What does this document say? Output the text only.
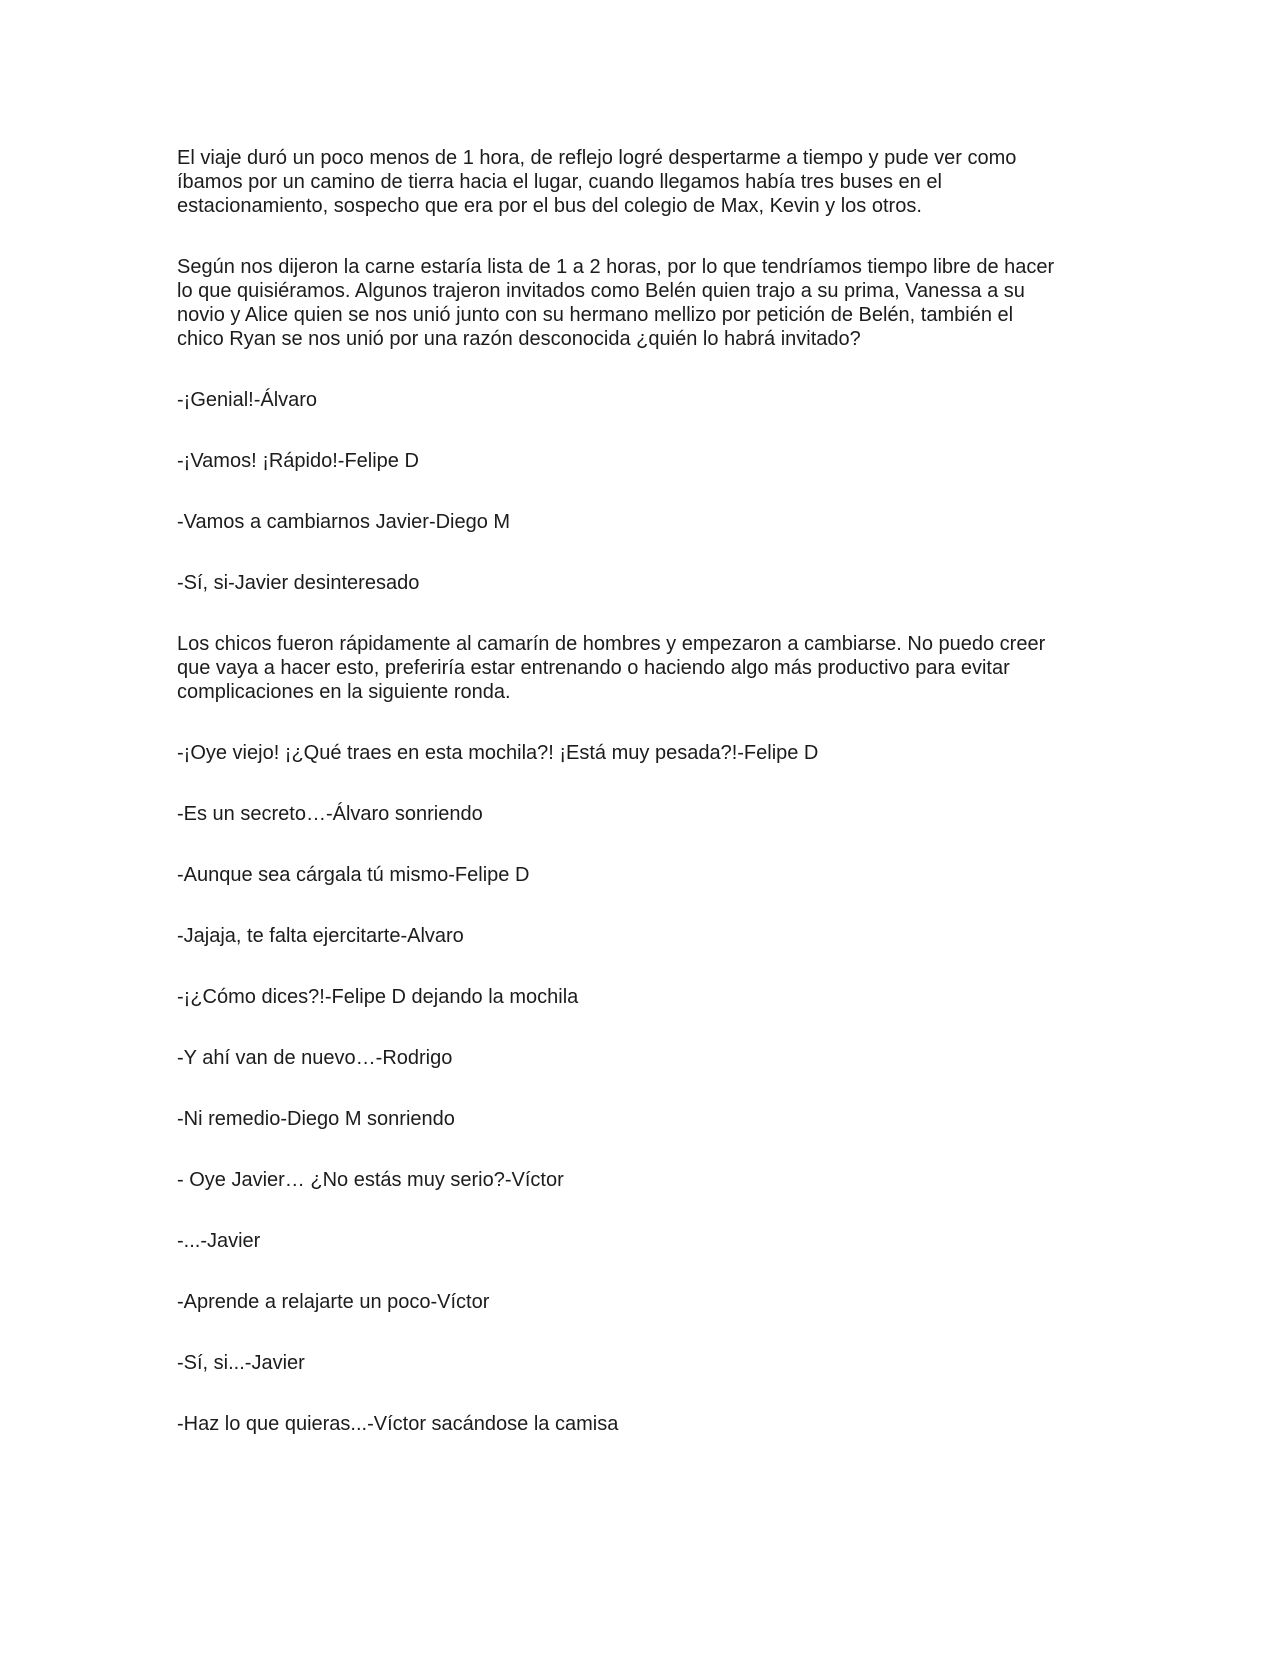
El viaje duró un poco menos de 1 hora, de reflejo logré despertarme a tiempo y pude ver como
íbamos por un camino de tierra hacia el lugar, cuando llegamos había tres buses en el
estacionamiento, sospecho que era por el bus del colegio de Max, Kevin y los otros.

Según nos dijeron la carne estaría lista de 1 a 2 horas, por lo que tendríamos tiempo libre de hacer
lo que quisiéramos. Algunos trajeron invitados como Belén quien trajo a su prima, Vanessa a su
novio y Alice quien se nos unió junto con su hermano mellizo por petición de Belén, también el
chico Ryan se nos unió por una razón desconocida ¿quién lo habrá invitado?

-¡Genial!-Álvaro

-¡Vamos! ¡Rápido!-Felipe D

-Vamos a cambiarnos Javier-Diego M

-Sí, si-Javier desinteresado

Los chicos fueron rápidamente al camarín de hombres y empezaron a cambiarse. No puedo creer
que vaya a hacer esto, preferiría estar entrenando o haciendo algo más productivo para evitar
complicaciones en la siguiente ronda.

-¡Oye viejo! ¡¿Qué traes en esta mochila?! ¡Está muy pesada?!-Felipe D

-Es un secreto…-Álvaro sonriendo

-Aunque sea cárgala tú mismo-Felipe D

-Jajaja, te falta ejercitarte-Alvaro

-¡¿Cómo dices?!-Felipe D dejando la mochila

-Y ahí van de nuevo…-Rodrigo

-Ni remedio-Diego M sonriendo

- Oye Javier… ¿No estás muy serio?-Víctor

-...-Javier

-Aprende a relajarte un poco-Víctor

-Sí, si...-Javier

-Haz lo que quieras...-Víctor sacándose la camisa
